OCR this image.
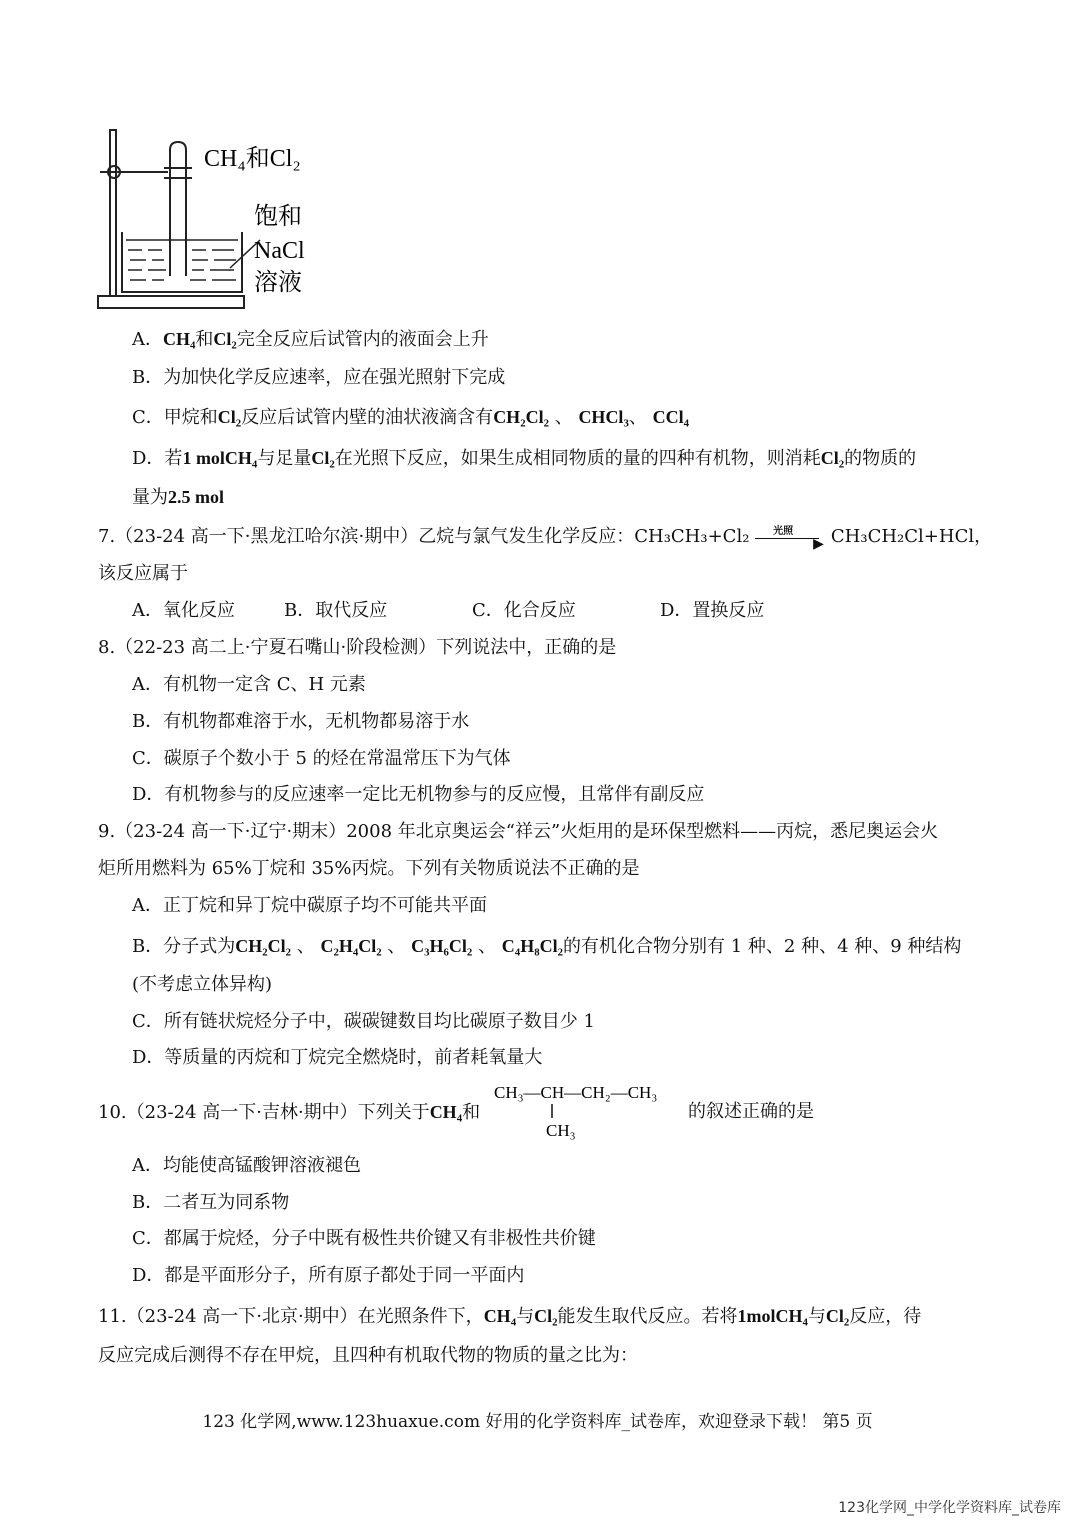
CH₄和Cl₂
饱和
NaCl
溶液
A．CH₄和Cl₂完全反应后试管内的液面会上升
B．为加快化学反应速率，应在强光照射下完成
C．甲烷和Cl₂反应后试管内壁的油状液滴含有CH₂Cl₂ 、 CHCl₃、 CCl₄
D．若1 molCH₄与足量Cl₂在光照下反应，如果生成相同物质的量的四种有机物，则消耗Cl₂的物质的
量为2.5 mol
7.（23-24 高一下·黑龙江哈尔滨·期中）乙烷与氯气发生化学反应：CH₃CH₃+Cl₂ 光照
▶ CH₃CH₂Cl+HCl，
该反应属于
A．氧化反应	B．取代反应	C．化合反应	D．置换反应
8.（22-23 高二上·宁夏石嘴山·阶段检测）下列说法中，正确的是
A．有机物一定含 C、H 元素
B．有机物都难溶于水，无机物都易溶于水
C．碳原子个数小于 5 的烃在常温常压下为气体
D．有机物参与的反应速率一定比无机物参与的反应慢，且常伴有副反应
9.（23-24 高一下·辽宁·期末）2008 年北京奥运会“祥云”火炬用的是环保型燃料——丙烷，悉尼奥运会火
炬所用燃料为 65%丁烷和 35%丙烷。下列有关物质说法不正确的是
A．正丁烷和异丁烷中碳原子均不可能共平面
B．分子式为CH₂Cl₂ 、 C₂H₄Cl₂ 、 C₃H₆Cl₂ 、 C₄H₈Cl₂的有机化合物分别有 1 种、2 种、4 种、9 种结构
(不考虑立体异构)
C．所有链状烷烃分子中，碳碳键数目均比碳原子数目少 1
D．等质量的丙烷和丁烷完全燃烧时，前者耗氧量大
10.（23-24 高一下·吉林·期中）下列关于CH₄和
CH₃—CH—CH₂—CH₃
CH₃
的叙述正确的是
A．均能使高锰酸钾溶液褪色
B．二者互为同系物
C．都属于烷烃，分子中既有极性共价键又有非极性共价键
D．都是平面形分子，所有原子都处于同一平面内
11.（23-24 高一下·北京·期中）在光照条件下，CH₄与Cl₂能发生取代反应。若将1molCH₄与Cl₂反应，待
反应完成后测得不存在甲烷，且四种有机取代物的物质的量之比为：
123 化学网,www.123huaxue.com 好用的化学资料库_试卷库，欢迎登录下载！ 第5 页
123化学网_中学化学资料库_试卷库
